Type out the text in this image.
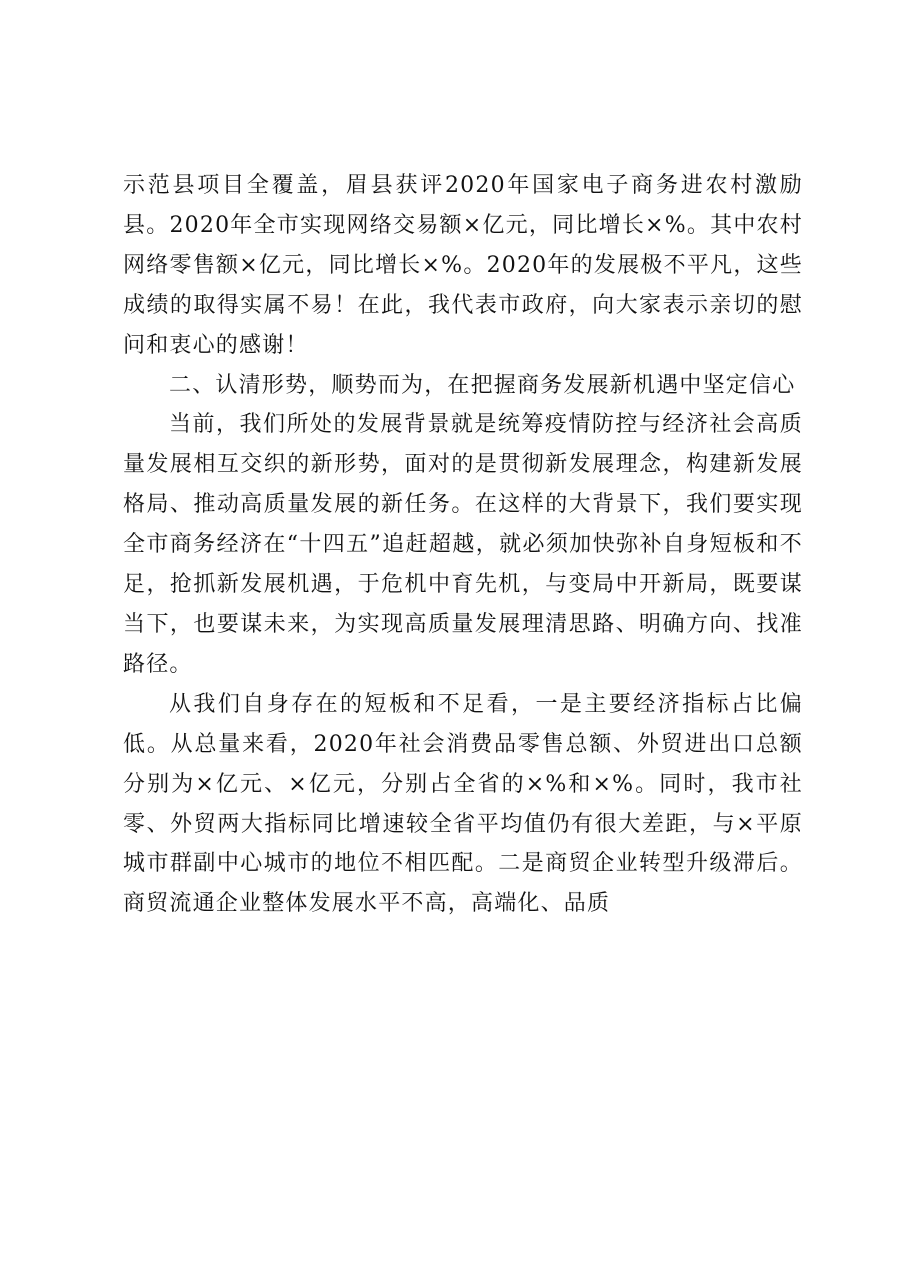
示范县项目全覆盖，眉县获评2020年国家电子商务进农村激励县。2020年全市实现网络交易额×亿元，同比增长×%。其中农村网络零售额×亿元，同比增长×%。2020年的发展极不平凡，这些成绩的取得实属不易！在此，我代表市政府，向大家表示亲切的慰问和衷心的感谢！

二、认清形势，顺势而为，在把握商务发展新机遇中坚定信心

当前，我们所处的发展背景就是统筹疫情防控与经济社会高质量发展相互交织的新形势，面对的是贯彻新发展理念，构建新发展格局、推动高质量发展的新任务。在这样的大背景下，我们要实现全市商务经济在“十四五”追赶超越，就必须加快弥补自身短板和不足，抢抓新发展机遇，于危机中育先机，与变局中开新局，既要谋当下，也要谋未来，为实现高质量发展理清思路、明确方向、找准路径。

从我们自身存在的短板和不足看，一是主要经济指标占比偏低。从总量来看，2020年社会消费品零售总额、外贸进出口总额分别为×亿元、×亿元，分别占全省的×%和×%。同时，我市社零、外贸两大指标同比增速较全省平均值仍有很大差距，与×平原城市群副中心城市的地位不相匹配。二是商贸企业转型升级滞后。商贸流通企业整体发展水平不高，高端化、品质
